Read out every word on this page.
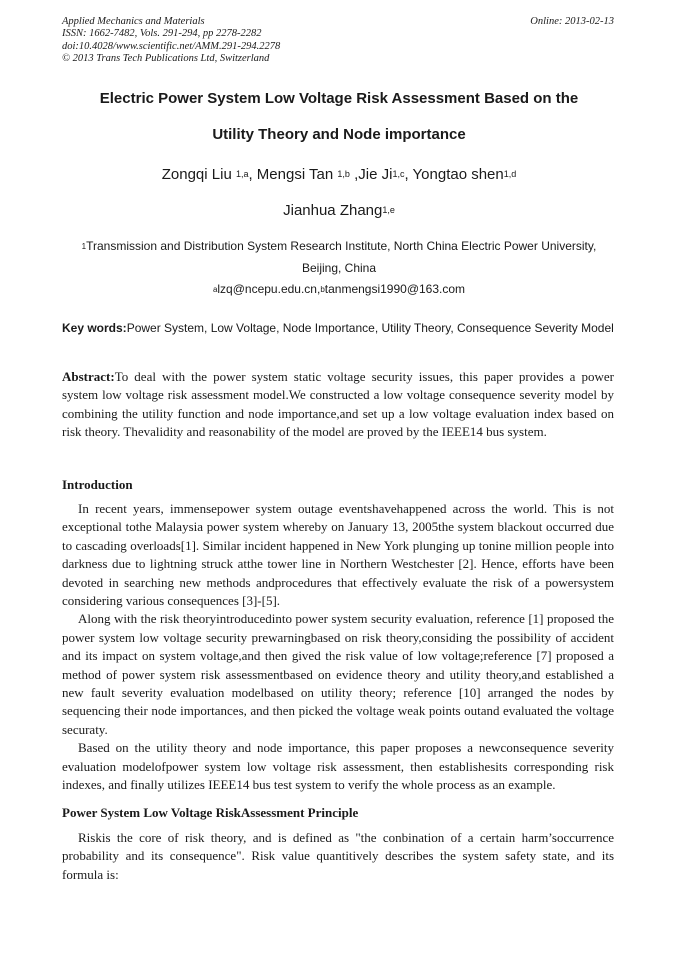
Applied Mechanics and Materials
ISSN: 1662-7482, Vols. 291-294, pp 2278-2282
doi:10.4028/www.scientific.net/AMM.291-294.2278
© 2013 Trans Tech Publications Ltd, Switzerland
Online: 2013-02-13
Electric Power System Low Voltage Risk Assessment Based on the
Utility Theory and Node importance
Zongqi Liu $^{1,a}$, Mengsi Tan $^{1,b}$ ,Jie Ji$^{1,c}$, Yongtao shen$^{1,d}$
Jianhua Zhang$^{1,e}$
$^1$Transmission and Distribution System Research Institute, North China Electric Power University, Beijing, China
$^a$lzq@ncepu.edu.cn,$^b$tanmengsi1990@163.com
Key words:Power System, Low Voltage, Node Importance, Utility Theory, Consequence Severity Model
Abstract:To deal with the power system static voltage security issues, this paper provides a power system low voltage risk assessment model.We constructed a low voltage consequence severity model by combining the utility function and node importance,and set up a low voltage evaluation index based on risk theory. Thevalidity and reasonability of the model are proved by the IEEE14 bus system.
Introduction

In recent years, immensepower system outage eventshavehappened across the world. This is not exceptional tothe Malaysia power system whereby on January 13, 2005the system blackout occurred due to cascading overloads[1]. Similar incident happened in New York plunging up tonine million people into darkness due to lightning struck atthe tower line in Northern Westchester [2]. Hence, efforts have been devoted in searching new methods andprocedures that effectively evaluate the risk of a powersystem considering various consequences [3]-[5].

Along with the risk theoryintroducedinto power system security evaluation, reference [1] proposed the power system low voltage security prewarningbased on risk theory,considing the possibility of accident and its impact on system voltage,and then gived the risk value of low voltage;reference [7] proposed a method of power system risk assessmentbased on evidence theory and utility theory,and established a new fault severity evaluation modelbased on utility theory; reference [10] arranged the nodes by sequencing their node importances, and then picked the voltage weak points outand evaluated the voltage securaty.

Based on the utility theory and node importance, this paper proposes a newconsequence severity evaluation modelofpower system low voltage risk assessment, then establishesits corresponding risk indexes, and finally utilizes IEEE14 bus test system to verify the whole process as an example.

Power System Low Voltage RiskAssessment Principle

Riskis the core of risk theory, and is defined as "the conbination of a certain harm’soccurrence probability and its consequence". Risk value quantitively describes the system safety state, and its formula is:
